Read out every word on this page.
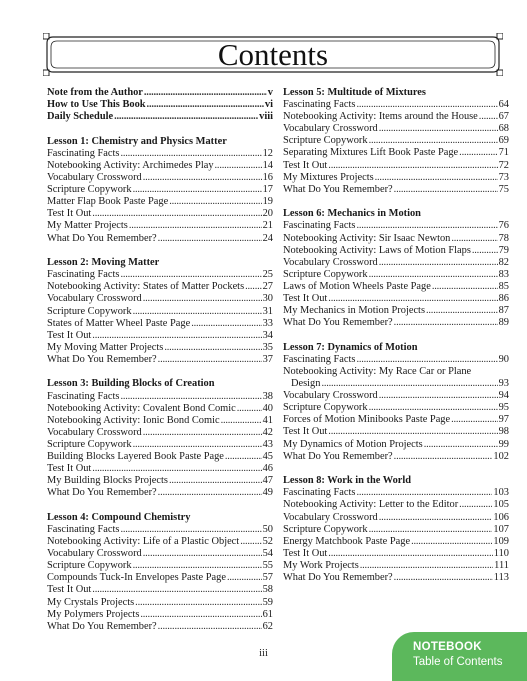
Contents
Note from the Author .....	v
How to Use This Book .....	vi
Daily Schedule .....	viii
Lesson 1: Chemistry and Physics Matter
Fascinating Facts .....	12
Notebooking Activity: Archimedes Play .....	14
Vocabulary Crossword .....	16
Scripture Copywork .....	17
Matter Flap Book Paste Page .....	19
Test It Out .....	20
My Matter Projects .....	21
What Do You Remember? .....	24
Lesson 2: Moving Matter
Fascinating Facts .....	25
Notebooking Activity: States of Matter Pockets ..... 27
Vocabulary Crossword .....	30
Scripture Copywork .....	31
States of Matter Wheel Paste Page .....	33
Test It Out .....	34
My Moving Matter Projects .....	35
What Do You Remember? .....	37
Lesson 3: Building Blocks of Creation
Fascinating Facts .....	38
Notebooking Activity: Covalent Bond Comic .....	40
Notebooking Activity: Ionic Bond Comic .....	41
Vocabulary Crossword .....	42
Scripture Copywork .....	43
Building Blocks Layered Book Paste Page .....	45
Test It Out .....	46
My Building Blocks Projects .....	47
What Do You Remember? .....	49
Lesson 4: Compound Chemistry
Fascinating Facts .....	50
Notebooking Activity: Life of a Plastic Object ..... 52
Vocabulary Crossword .....	54
Scripture Copywork .....	55
Compounds Tuck-In Envelopes Paste Page .....	57
Test It Out .....	58
My Crystals Projects .....	59
My Polymers Projects .....	61
What Do You Remember? .....	62
Lesson 5: Multitude of Mixtures
Fascinating Facts .....	64
Notebooking Activity: Items around the House ..... 67
Vocabulary Crossword .....	68
Scripture Copywork .....	69
Separating Mixtures Lift Book Paste Page .....	71
Test It Out .....	72
My Mixtures Projects .....	73
What Do You Remember? .....	75
Lesson 6: Mechanics in Motion
Fascinating Facts .....	76
Notebooking Activity: Sir Isaac Newton .....	78
Notebooking Activity: Laws of Motion Flaps .....	79
Vocabulary Crossword .....	82
Scripture Copywork .....	83
Laws of Motion Wheels Paste Page .....	85
Test It Out .....	86
My Mechanics in Motion Projects .....	87
What Do You Remember? .....	89
Lesson 7: Dynamics of Motion
Fascinating Facts .....	90
Notebooking Activity: My Race Car or Plane
Design .....	93
Vocabulary Crossword .....	94
Scripture Copywork .....	95
Forces of Motion Minibooks Paste Page .....	97
Test It Out .....	98
My Dynamics of Motion Projects .....	99
What Do You Remember? .....	102
Lesson 8: Work in the World
Fascinating Facts .....	103
Notebooking Activity: Letter to the Editor .....	105
Vocabulary Crossword .....	106
Scripture Copywork .....	107
Energy Matchbook Paste Page .....	109
Test It Out .....	110
My Work Projects .....	111
What Do You Remember? .....	113
iii
NOTEBOOK
Table of Contents
